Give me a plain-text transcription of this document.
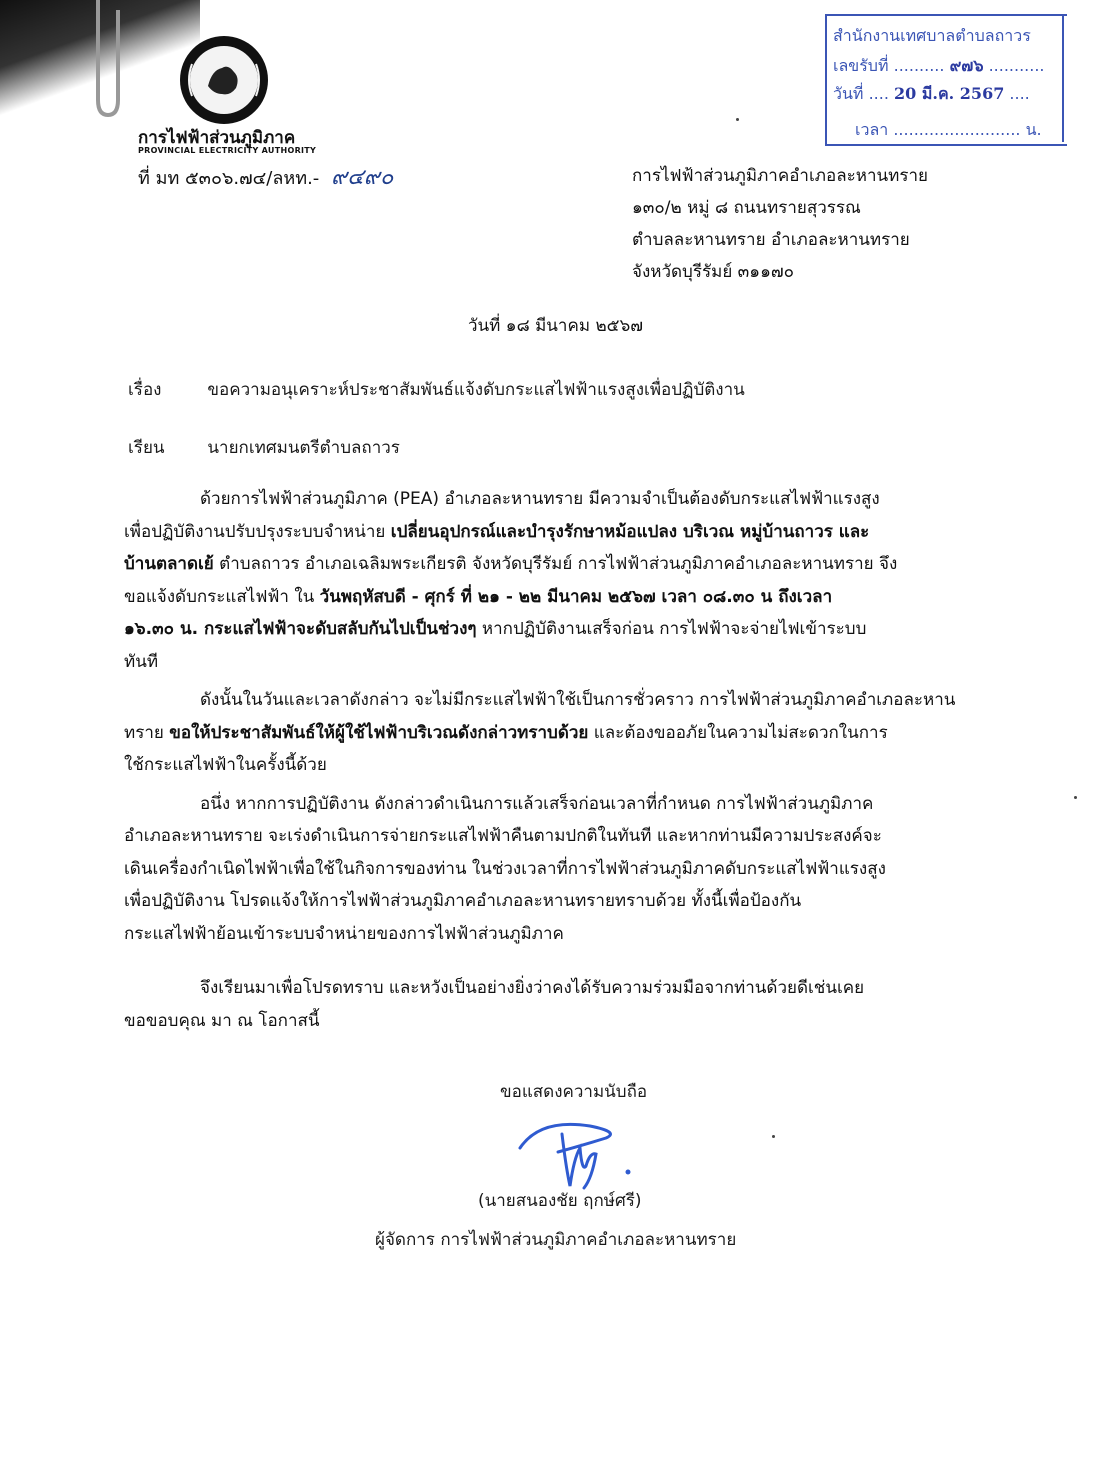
การไฟฟ้าส่วนภูมิภาค
PROVINCIAL ELECTRICITY AUTHORITY
ที่ มท ๕๓๐๖.๗๔/ลหท.- ๙๔๙๐
สำนักงานเทศบาลตำบลถาวร
เลขรับที่ .......... ๙๗๖ ...........
วันที่ .... 20 มี.ค. 2567 ....
เวลา ......................... น.
การไฟฟ้าส่วนภูมิภาคอำเภอละหานทราย
๑๓๐/๒ หมู่ ๘ ถนนทรายสุวรรณ
ตำบลละหานทราย อำเภอละหานทราย
จังหวัดบุรีรัมย์ ๓๑๑๗๐
วันที่ ๑๘ มีนาคม ๒๕๖๗
เรื่อง	ขอความอนุเคราะห์ประชาสัมพันธ์แจ้งดับกระแสไฟฟ้าแรงสูงเพื่อปฏิบัติงาน
เรียน	นายกเทศมนตรีตำบลถาวร
ด้วยการไฟฟ้าส่วนภูมิภาค (PEA) อำเภอละหานทราย มีความจำเป็นต้องดับกระแสไฟฟ้าแรงสูง
เพื่อปฏิบัติงานปรับปรุงระบบจำหน่าย เปลี่ยนอุปกรณ์และบำรุงรักษาหม้อแปลง บริเวณ หมู่บ้านถาวร และ
บ้านตลาดเย้ ตำบลถาวร อำเภอเฉลิมพระเกียรติ จังหวัดบุรีรัมย์ การไฟฟ้าส่วนภูมิภาคอำเภอละหานทราย จึง
ขอแจ้งดับกระแสไฟฟ้า ใน วันพฤหัสบดี - ศุกร์ ที่ ๒๑ - ๒๒ มีนาคม ๒๕๖๗ เวลา ๐๘.๓๐ น ถึงเวลา
๑๖.๓๐ น. กระแสไฟฟ้าจะดับสลับกันไปเป็นช่วงๆ หากปฏิบัติงานเสร็จก่อน การไฟฟ้าจะจ่ายไฟเข้าระบบ
ทันที
ดังนั้นในวันและเวลาดังกล่าว จะไม่มีกระแสไฟฟ้าใช้เป็นการชั่วคราว การไฟฟ้าส่วนภูมิภาคอำเภอละหาน
ทราย ขอให้ประชาสัมพันธ์ให้ผู้ใช้ไฟฟ้าบริเวณดังกล่าวทราบด้วย และต้องขออภัยในความไม่สะดวกในการ
ใช้กระแสไฟฟ้าในครั้งนี้ด้วย
อนึ่ง หากการปฏิบัติงาน ดังกล่าวดำเนินการแล้วเสร็จก่อนเวลาที่กำหนด การไฟฟ้าส่วนภูมิภาค
อำเภอละหานทราย จะเร่งดำเนินการจ่ายกระแสไฟฟ้าคืนตามปกติในทันที และหากท่านมีความประสงค์จะ
เดินเครื่องกำเนิดไฟฟ้าเพื่อใช้ในกิจการของท่าน ในช่วงเวลาที่การไฟฟ้าส่วนภูมิภาคดับกระแสไฟฟ้าแรงสูง
เพื่อปฏิบัติงาน โปรดแจ้งให้การไฟฟ้าส่วนภูมิภาคอำเภอละหานทรายทราบด้วย ทั้งนี้เพื่อป้องกัน
กระแสไฟฟ้าย้อนเข้าระบบจำหน่ายของการไฟฟ้าส่วนภูมิภาค
จึงเรียนมาเพื่อโปรดทราบ และหวังเป็นอย่างยิ่งว่าคงได้รับความร่วมมือจากท่านด้วยดีเช่นเคย
ขอขอบคุณ มา ณ โอกาสนี้
ขอแสดงความนับถือ
(นายสนองชัย ฤกษ์ศรี)
ผู้จัดการ การไฟฟ้าส่วนภูมิภาคอำเภอละหานทราย
